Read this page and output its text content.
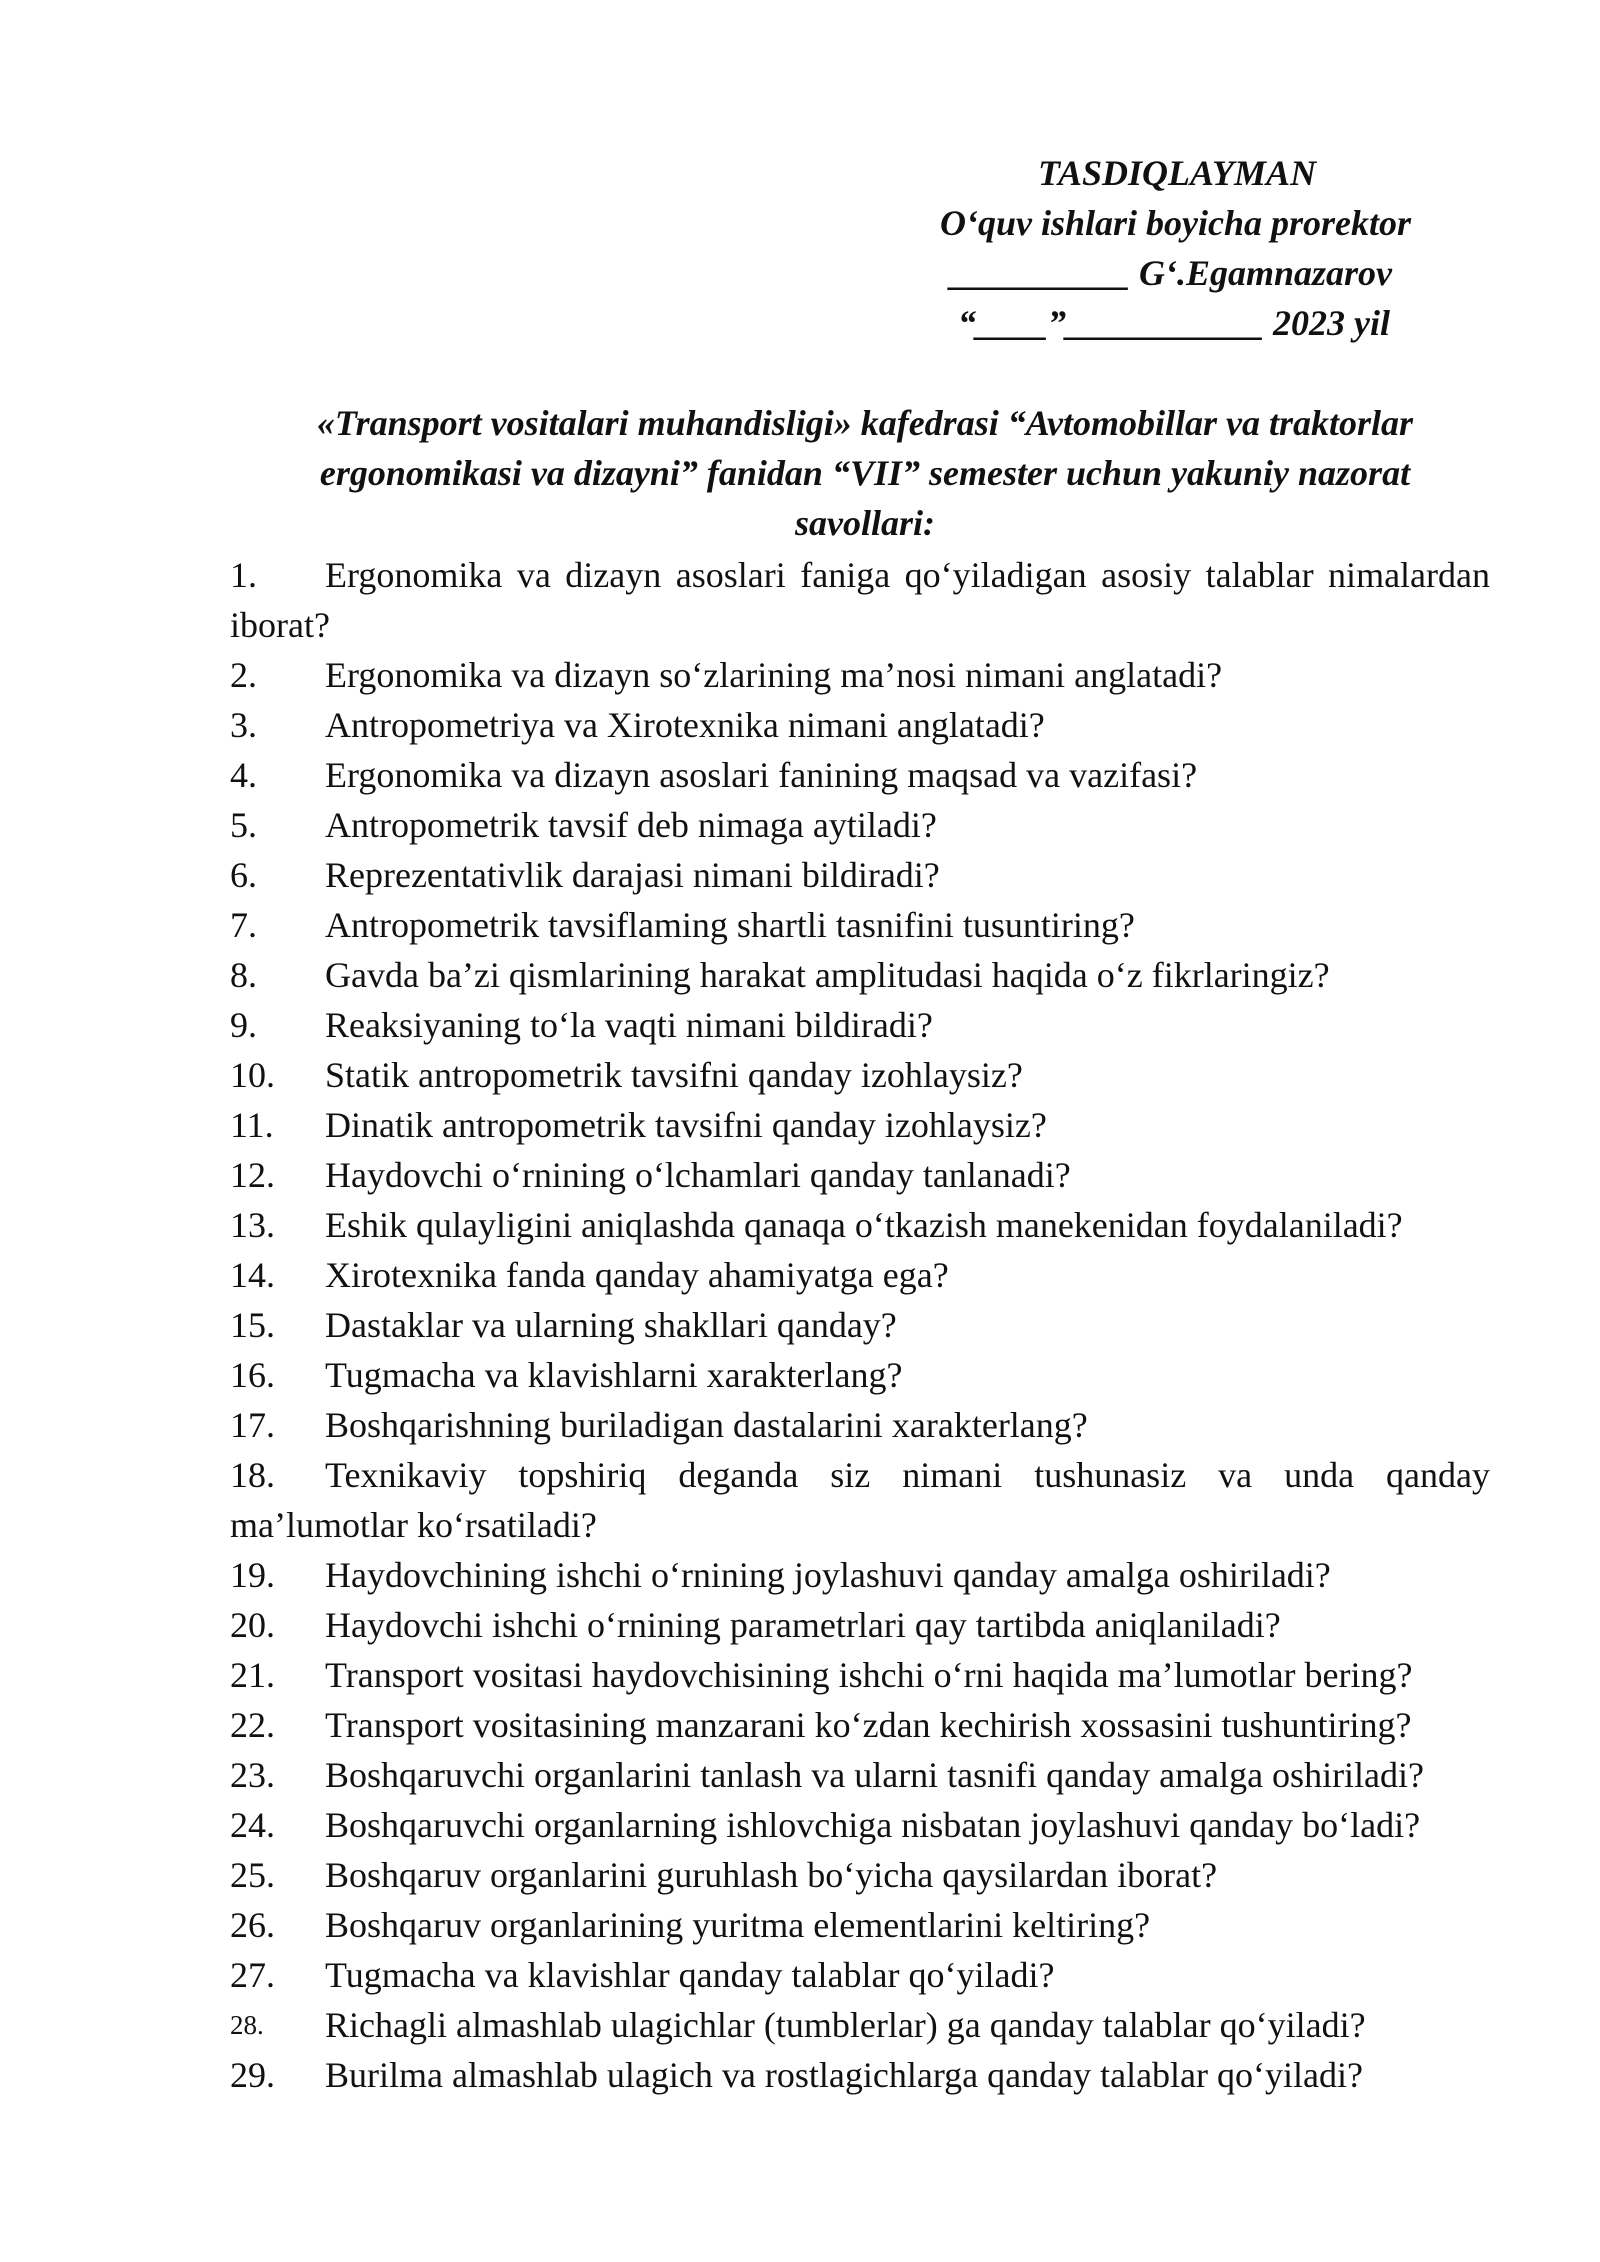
TASDIQLAYMAN
O‘quv ishlari boyicha prorektor
__________ G‘.Egamnazarov
“____”___________ 2023 yil
«Transport vositalari muhandisligi» kafedrasi “Avtomobillar va traktorlar
ergonomikasi va dizayni” fanidan “VII” semester uchun yakuniy nazorat
savollari:
1. Ergonomika va dizayn asoslari faniga qo‘yiladigan asosiy talablar nimalardan iborat?
2. Ergonomika va dizayn so‘zlarining ma’nosi nimani anglatadi?
3. Antropometriya va Xirotexnika nimani anglatadi?
4. Ergonomika va dizayn asoslari fanining maqsad va vazifasi?
5. Antropometrik tavsif deb nimaga aytiladi?
6. Reprezentativlik darajasi nimani bildiradi?
7. Antropometrik tavsiflaming shartli tasnifini tusuntiring?
8. Gavda ba’zi qismlarining harakat amplitudasi haqida o‘z fikrlaringiz?
9. Reaksiyaning to‘la vaqti nimani bildiradi?
10. Statik antropometrik tavsifni qanday izohlaysiz?
11. Dinatik antropometrik tavsifni qanday izohlaysiz?
12. Haydovchi o‘rnining o‘lchamlari qanday tanlanadi?
13. Eshik qulayligini aniqlashda qanaqa o‘tkazish manekenidan foydalaniladi?
14. Xirotexnika fanda qanday ahamiyatga ega?
15. Dastaklar va ularning shakllari qanday?
16. Tugmacha va klavishlarni xarakterlang?
17. Boshqarishning buriladigan dastalarini xarakterlang?
18. Texnikaviy topshiriq deganda siz nimani tushunasiz va unda qanday ma’lumotlar ko‘rsatiladi?
19. Haydovchining ishchi o‘rnining joylashuvi qanday amalga oshiriladi?
20. Haydovchi ishchi o‘rnining parametrlari qay tartibda aniqlaniladi?
21. Transport vositasi haydovchisining ishchi o‘rni haqida ma’lumotlar bering?
22. Transport vositasining manzarani ko‘zdan kechirish xossasini tushuntiring?
23. Boshqaruvchi organlarini tanlash va ularni tasnifi qanday amalga oshiriladi?
24. Boshqaruvchi organlarning ishlovchiga nisbatan joylashuvi qanday bo‘ladi?
25. Boshqaruv organlarini guruhlash bo‘yicha qaysilardan iborat?
26. Boshqaruv organlarining yuritma elementlarini keltiring?
27. Tugmacha va klavishlar qanday talablar qo‘yiladi?
28. Richagli almashlab ulagichlar (tumblerlar) ga qanday talablar qo‘yiladi?
29. Burilma almashlab ulagich va rostlagichlarga qanday talablar qo‘yiladi?
